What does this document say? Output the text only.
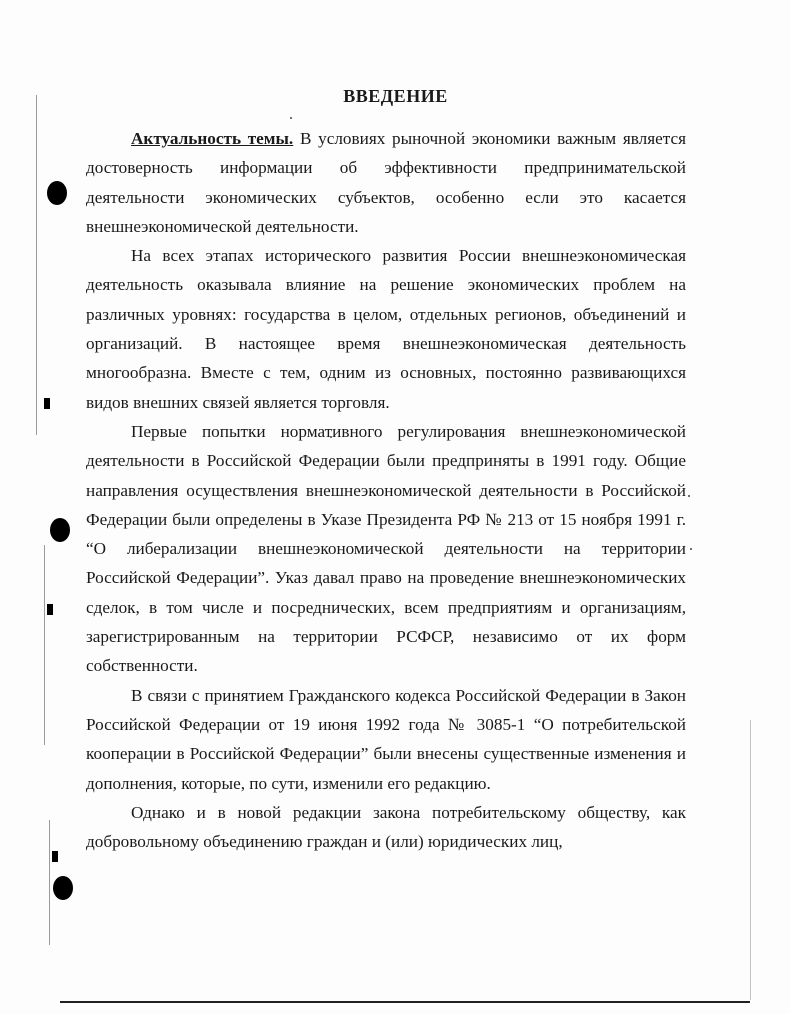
ВВЕДЕНИЕ

Актуальность темы. В условиях рыночной экономики важным является достоверность информации об эффективности предпринимательской деятельности экономических субъектов, особенно если это касается внешнеэкономической деятельности.

На всех этапах исторического развития России внешнеэкономическая деятельность оказывала влияние на решение экономических проблем на различных уровнях: государства в целом, отдельных регионов, объединений и организаций. В настоящее время внешнеэкономическая деятельность многообразна. Вместе с тем, одним из основных, постоянно развивающихся видов внешних связей является торговля.

Первые попытки нормативного регулирования внешнеэкономической деятельности в Российской Федерации были предприняты в 1991 году. Общие направления осуществления внешнеэкономической деятельности в Российской Федерации были определены в Указе Президента РФ № 213 от 15 ноября 1991 г. “О либерализации внешнеэкономической деятельности на территории Российской Федерации”. Указ давал право на проведение внешнеэкономических сделок, в том числе и посреднических, всем предприятиям и организациям, зарегистрированным на территории РСФСР, независимо от их форм собственности.

В связи с принятием Гражданского кодекса Российской Федерации в Закон Российской Федерации от 19 июня 1992 года № 3085-1 “О потребительской кооперации в Российской Федерации” были внесены существенные изменения и дополнения, которые, по сути, изменили его редакцию.

Однако и в новой редакции закона потребительскому обществу, как добровольному объединению граждан и (или) юридических лиц,
